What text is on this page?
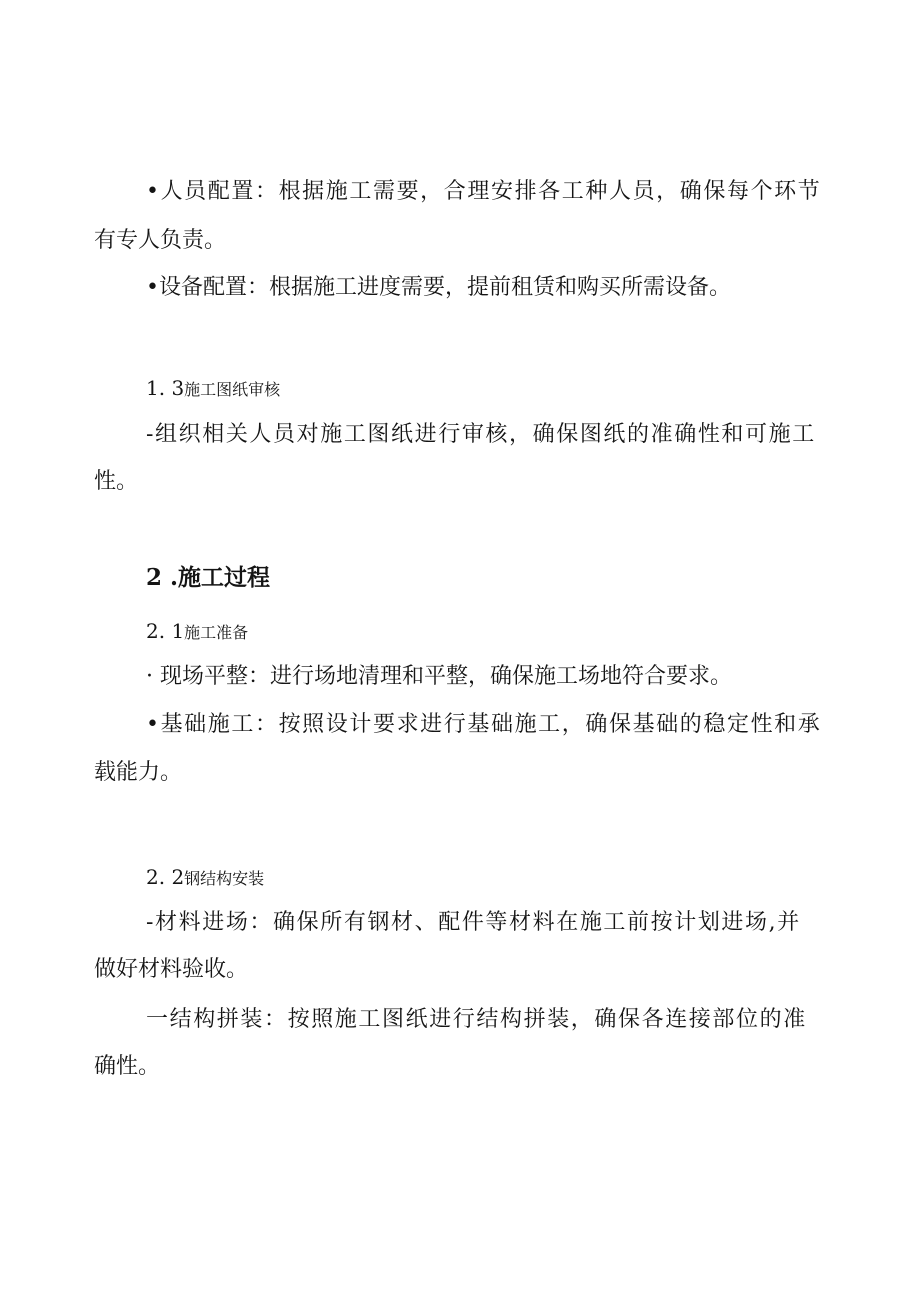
•人员配置：根据施工需要，合理安排各工种人员，确保每个环节
有专人负责。
•设备配置：根据施工进度需要，提前租赁和购买所需设备。
1. 3施工图纸审核
-组织相关人员对施工图纸进行审核，确保图纸的准确性和可施工
性。
2 .施工过程
2. 1施工准备
· 现场平整：进行场地清理和平整，确保施工场地符合要求。
•基础施工：按照设计要求进行基础施工，确保基础的稳定性和承
载能力。
2. 2钢结构安装
-材料进场：确保所有钢材、配件等材料在施工前按计划进场,并
做好材料验收。
一结构拼装：按照施工图纸进行结构拼装，确保各连接部位的准
确性。
